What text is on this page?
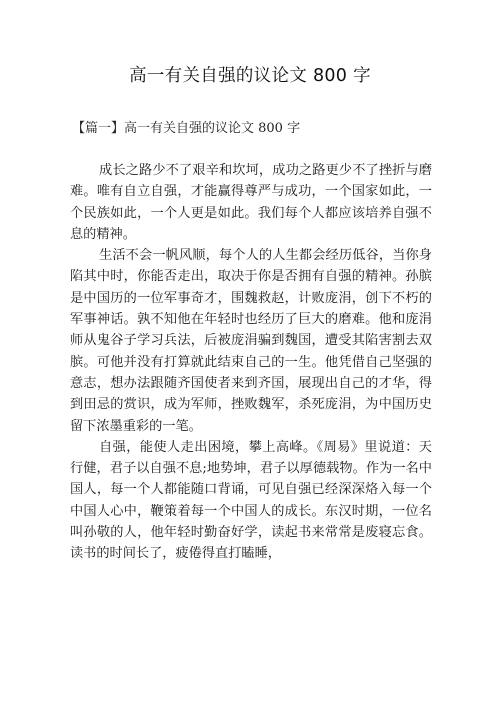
高一有关自强的议论文 800 字
【篇一】高一有关自强的议论文 800 字

成长之路少不了艰辛和坎坷，成功之路更少不了挫折与磨难。唯有自立自强，才能赢得尊严与成功，一个国家如此，一个民族如此，一个人更是如此。我们每个人都应该培养自强不息的精神。

生活不会一帆风顺，每个人的人生都会经历低谷，当你身陷其中时，你能否走出，取决于你是否拥有自强的精神。孙膑是中国历的一位军事奇才，围魏救赵，计败庞涓，创下不朽的军事神话。孰不知他在年轻时也经历了巨大的磨难。他和庞涓师从鬼谷子学习兵法，后被庞涓骗到魏国，遭受其陷害割去双膑。可他并没有打算就此结束自己的一生。他凭借自己坚强的意志，想办法跟随齐国使者来到齐国，展现出自己的才华，得到田忌的赏识，成为军师，挫败魏军，杀死庞涓，为中国历史留下浓墨重彩的一笔。

自强，能使人走出困境，攀上高峰。《周易》里说道：天行健，君子以自强不息;地势坤，君子以厚德载物。作为一名中国人，每一个人都能随口背诵，可见自强已经深深烙入每一个中国人心中，鞭策着每一个中国人的成长。东汉时期，一位名叫孙敬的人，他年轻时勤奋好学，读起书来常常是废寝忘食。读书的时间长了，疲倦得直打瞌睡，
